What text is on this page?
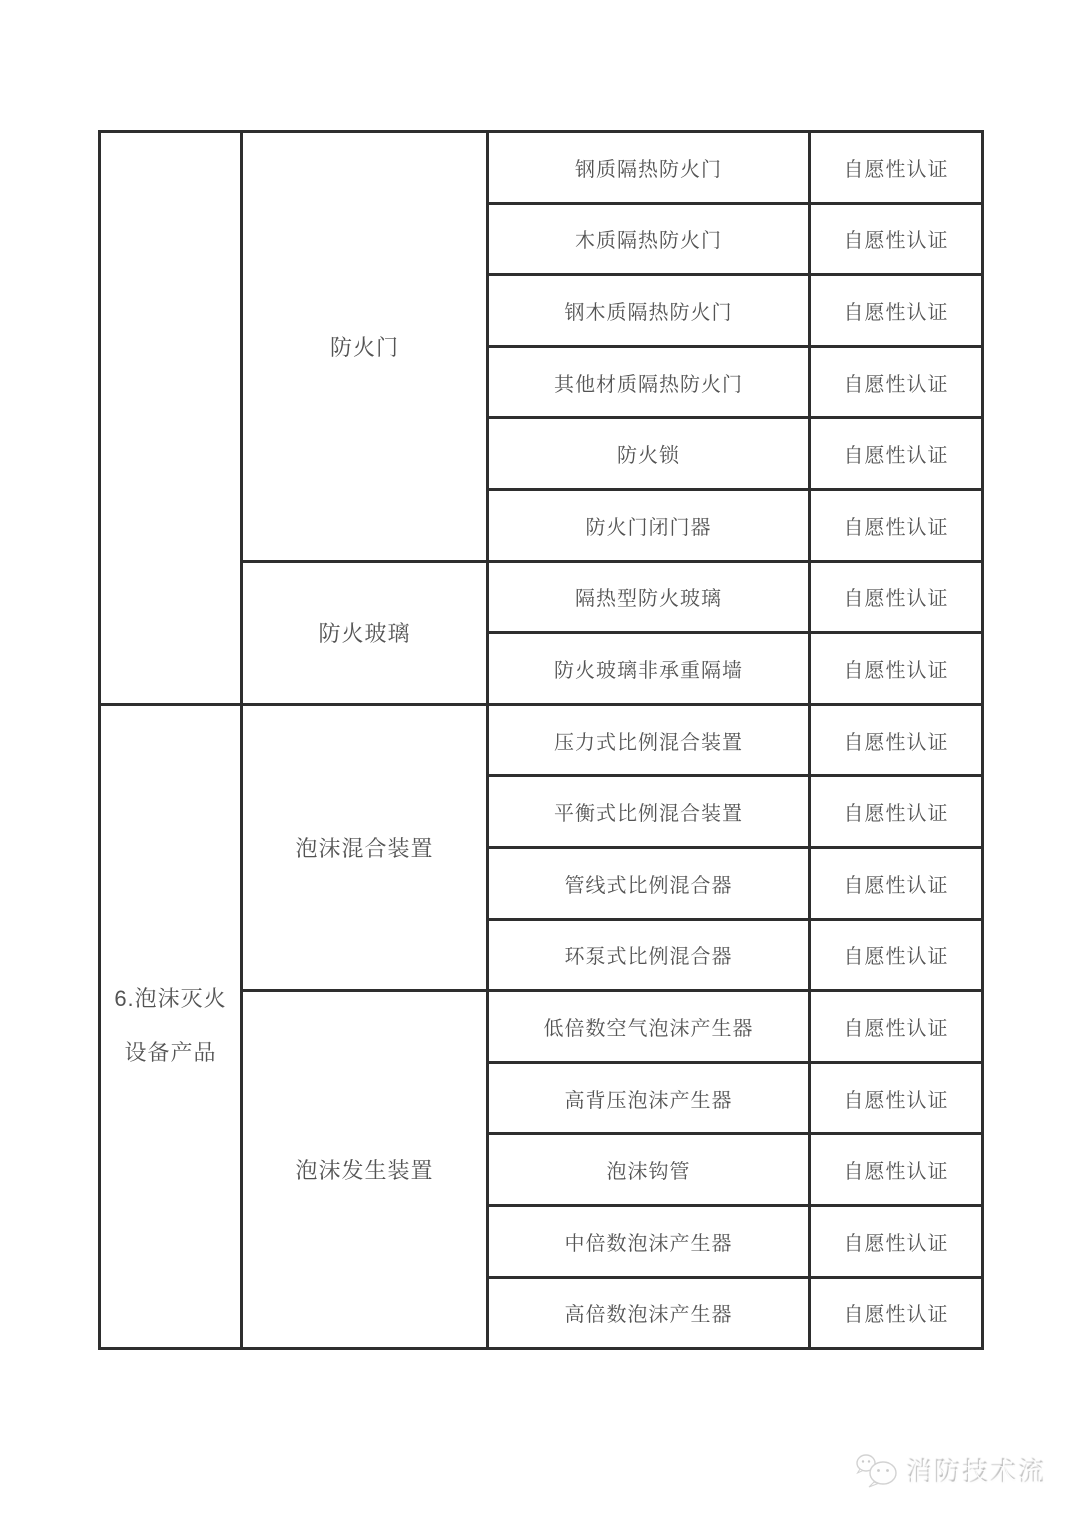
	防火门	钢质隔热防火门	自愿性认证
		木质隔热防火门	自愿性认证
		钢木质隔热防火门	自愿性认证
		其他材质隔热防火门	自愿性认证
		防火锁	自愿性认证
		防火门闭门器	自愿性认证
	防火玻璃	隔热型防火玻璃	自愿性认证
		防火玻璃非承重隔墙	自愿性认证

6.泡沫灭火
设备产品	泡沫混合装置	压力式比例混合装置	自愿性认证
		平衡式比例混合装置	自愿性认证
		管线式比例混合器	自愿性认证
		环泵式比例混合器	自愿性认证
	泡沫发生装置	低倍数空气泡沫产生器	自愿性认证
		高背压泡沫产生器	自愿性认证
		泡沫钩管	自愿性认证
		中倍数泡沫产生器	自愿性认证
		高倍数泡沫产生器	自愿性认证
消防技术流
